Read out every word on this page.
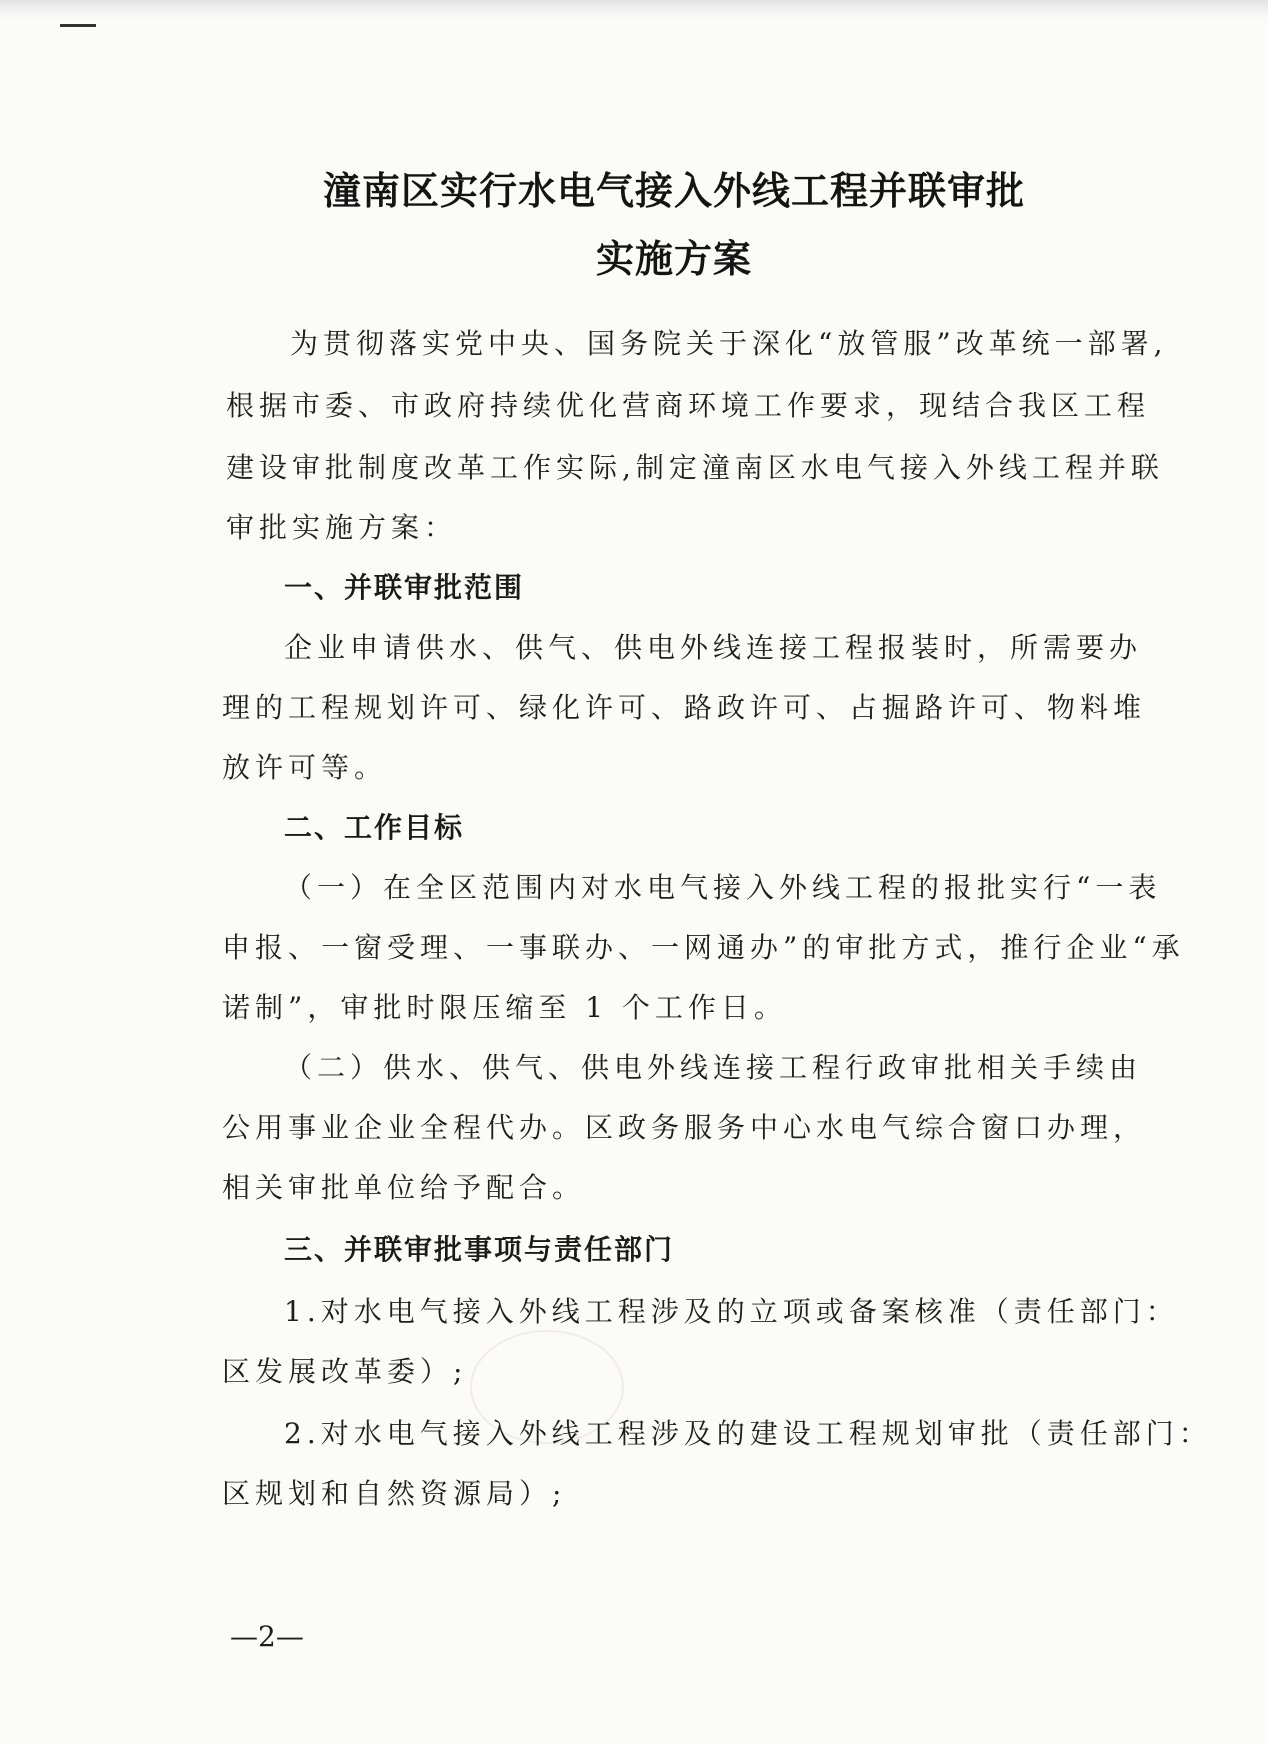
潼南区实行水电气接入外线工程并联审批
实施方案
为贯彻落实党中央、国务院关于深化“放管服”改革统一部署,
根据市委、市政府持续优化营商环境工作要求，现结合我区工程
建设审批制度改革工作实际,制定潼南区水电气接入外线工程并联
审批实施方案：
一、并联审批范围
企业申请供水、供气、供电外线连接工程报装时，所需要办
理的工程规划许可、绿化许可、路政许可、占掘路许可、物料堆
放许可等。
二、工作目标
（一）在全区范围内对水电气接入外线工程的报批实行“一表
申报、一窗受理、一事联办、一网通办”的审批方式，推行企业“承
诺制”，审批时限压缩至 1 个工作日。
（二）供水、供气、供电外线连接工程行政审批相关手续由
公用事业企业全程代办。区政务服务中心水电气综合窗口办理，
相关审批单位给予配合。
三、并联审批事项与责任部门
1.对水电气接入外线工程涉及的立项或备案核准（责任部门：
区发展改革委）;
2.对水电气接入外线工程涉及的建设工程规划审批（责任部门：
区规划和自然资源局）;
—2—
